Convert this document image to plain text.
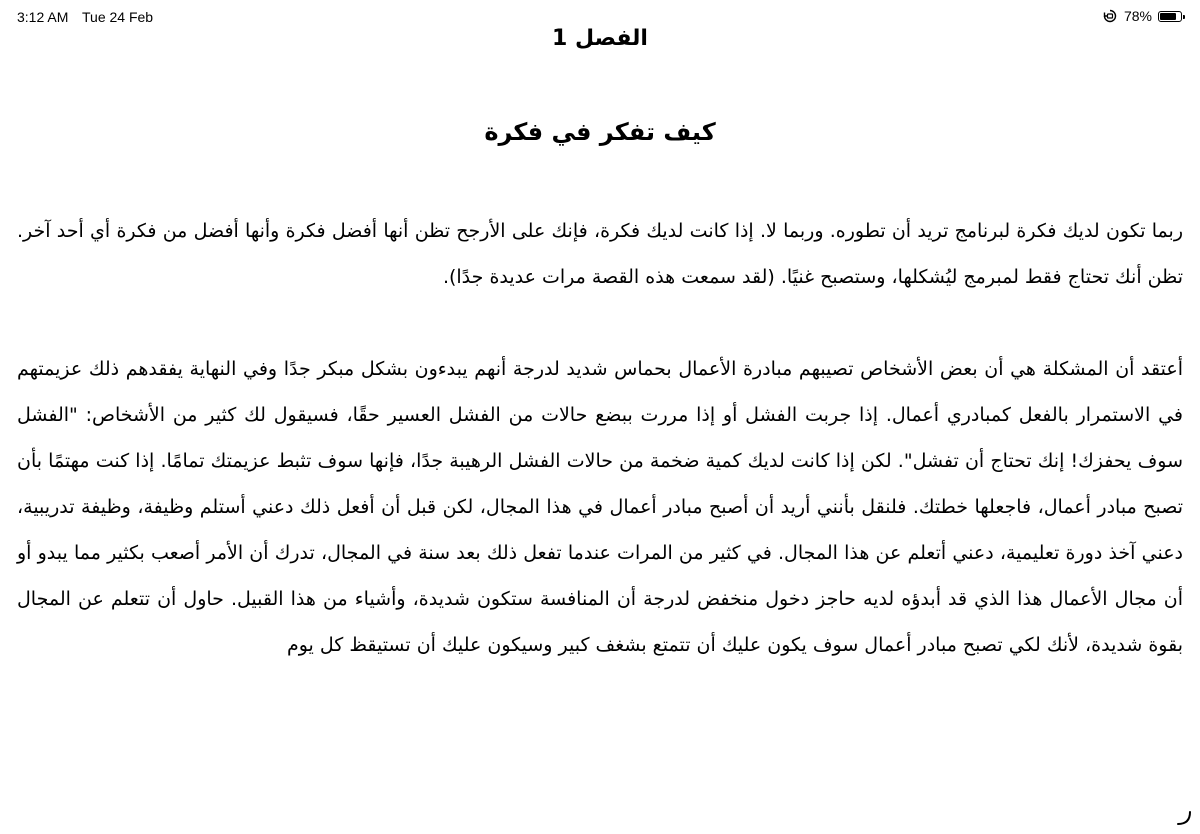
3:12 AM Tue 24 Feb	78%
الفصل 1
كيف تفكر في فكرة

ربما تكون لديك فكرة لبرنامج تريد أن تطوره. وربما لا. إذا كانت لديك فكرة، فإنك على الأرجح تظن أنها أفضل فكرة وأنها أفضل من فكرة أي أحد آخر. تظن أنك تحتاج فقط لمبرمج ليُشكلها، وستصبح غنيًا. (لقد سمعت هذه القصة مرات عديدة جدًا).

أعتقد أن المشكلة هي أن بعض الأشخاص تصيبهم مبادرة الأعمال بحماس شديد لدرجة أنهم يبدءون بشكل مبكر جدًا وفي النهاية يفقدهم ذلك عزيمتهم في الاستمرار بالفعل كمبادري أعمال. إذا جربت الفشل أو إذا مررت ببضع حالات من الفشل العسير حقًا، فسيقول لك كثير من الأشخاص: "الفشل سوف يحفزك! إنك تحتاج أن تفشل". لكن إذا كانت لديك كمية ضخمة من حالات الفشل الرهيبة جدًا، فإنها سوف تثبط عزيمتك تمامًا. إذا كنت مهتمًا بأن تصبح مبادر أعمال، فاجعلها خطتك. فلنقل بأنني أريد أن أصبح مبادر أعمال في هذا المجال، لكن قبل أن أفعل ذلك دعني أستلم وظيفة، وظيفة تدريبية، دعني آخذ دورة تعليمية، دعني أتعلم عن هذا المجال. في كثير من المرات عندما تفعل ذلك بعد سنة في المجال، تدرك أن الأمر أصعب بكثير مما يبدو أو أن مجال الأعمال هذا الذي قد أبدؤه لديه حاجز دخول منخفض لدرجة أن المنافسة ستكون شديدة، وأشياء من هذا القبيل. حاول أن تتعلم عن المجال بقوة شديدة، لأنك لكي تصبح مبادر أعمال سوف يكون عليك أن تتمتع بشغف كبير وسيكون عليك أن تستيقظ كل يوم
